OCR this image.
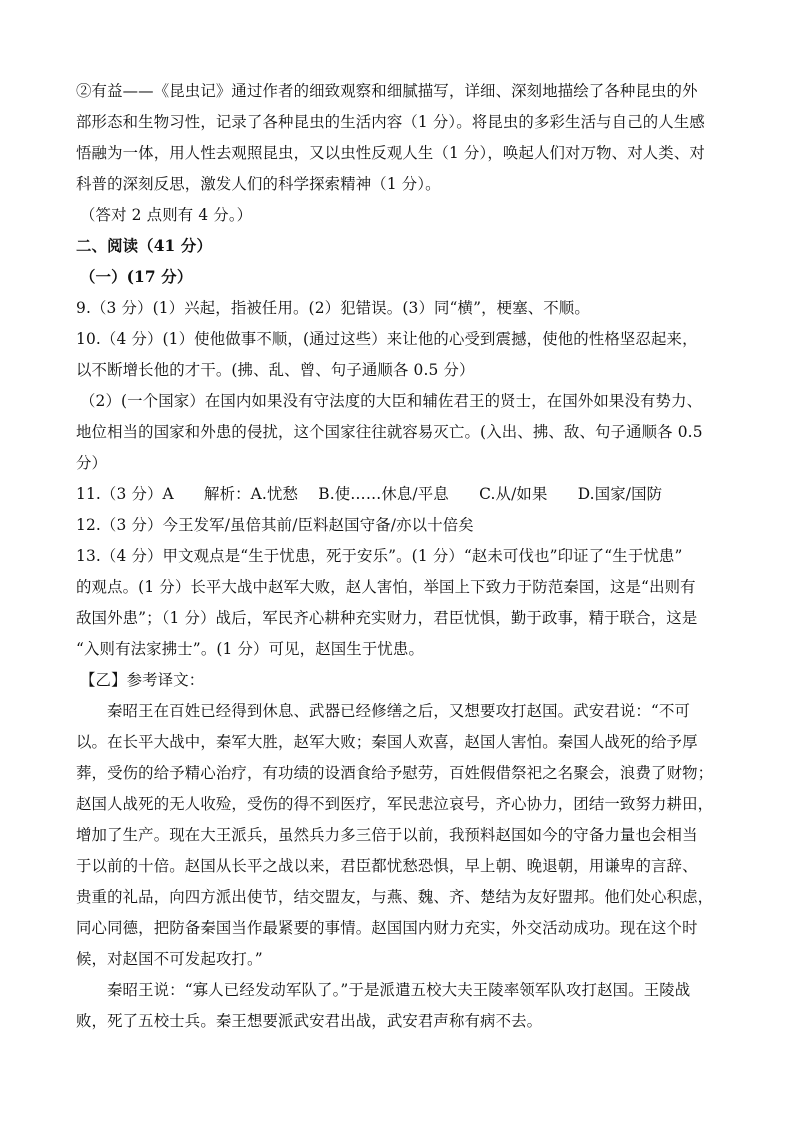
②有益——《昆虫记》通过作者的细致观察和细腻描写，详细、深刻地描绘了各种昆虫的外
部形态和生物习性，记录了各种昆虫的生活内容（1 分）。将昆虫的多彩生活与自己的人生感
悟融为一体，用人性去观照昆虫，又以虫性反观人生（1 分），唤起人们对万物、对人类、对
科普的深刻反思，激发人们的科学探索精神（1 分）。
（答对 2 点则有 4 分。）
二、阅读（41 分）
（一）(17 分）
9.（3 分）(1）兴起，指被任用。(2）犯错误。(3）同“横”，梗塞、不顺。
10.（4 分）(1）使他做事不顺，(通过这些）来让他的心受到震撼，使他的性格坚忍起来，
以不断增长他的才干。(拂、乱、曾、句子通顺各 0.5 分）
（2）(一个国家）在国内如果没有守法度的大臣和辅佐君王的贤士，在国外如果没有势力、
地位相当的国家和外患的侵扰，这个国家往往就容易灭亡。(入出、拂、敌、句子通顺各 0.5
分）
11.（3 分）A      解析：A.忧愁    B.使……休息/平息      C.从/如果      D.国家/国防
12.（3 分）今王发军/虽倍其前/臣料赵国守备/亦以十倍矣
13.（4 分）甲文观点是“生于忧患，死于安乐”。(1 分）“赵未可伐也”印证了“生于忧患”
的观点。(1 分）长平大战中赵军大败，赵人害怕，举国上下致力于防范秦国，这是“出则有
敌国外患”；（1 分）战后，军民齐心耕种充实财力，君臣忧惧，勤于政事，精于联合，这是
“入则有法家拂士”。(1 分）可见，赵国生于忧患。
【乙】参考译文：
秦昭王在百姓已经得到休息、武器已经修缮之后，又想要攻打赵国。武安君说：“不可
以。在长平大战中，秦军大胜，赵军大败；秦国人欢喜，赵国人害怕。秦国人战死的给予厚
葬，受伤的给予精心治疗，有功绩的设酒食给予慰劳，百姓假借祭祀之名聚会，浪费了财物；
赵国人战死的无人收殓，受伤的得不到医疗，军民悲泣哀号，齐心协力，团结一致努力耕田，
增加了生产。现在大王派兵，虽然兵力多三倍于以前，我预料赵国如今的守备力量也会相当
于以前的十倍。赵国从长平之战以来，君臣都忧愁恐惧，早上朝、晚退朝，用谦卑的言辞、
贵重的礼品，向四方派出使节，结交盟友，与燕、魏、齐、楚结为友好盟邦。他们处心积虑，
同心同德，把防备秦国当作最紧要的事情。赵国国内财力充实，外交活动成功。现在这个时
候，对赵国不可发起攻打。”
秦昭王说：“寡人已经发动军队了。”于是派遣五校大夫王陵率领军队攻打赵国。王陵战
败，死了五校士兵。秦王想要派武安君出战，武安君声称有病不去。
